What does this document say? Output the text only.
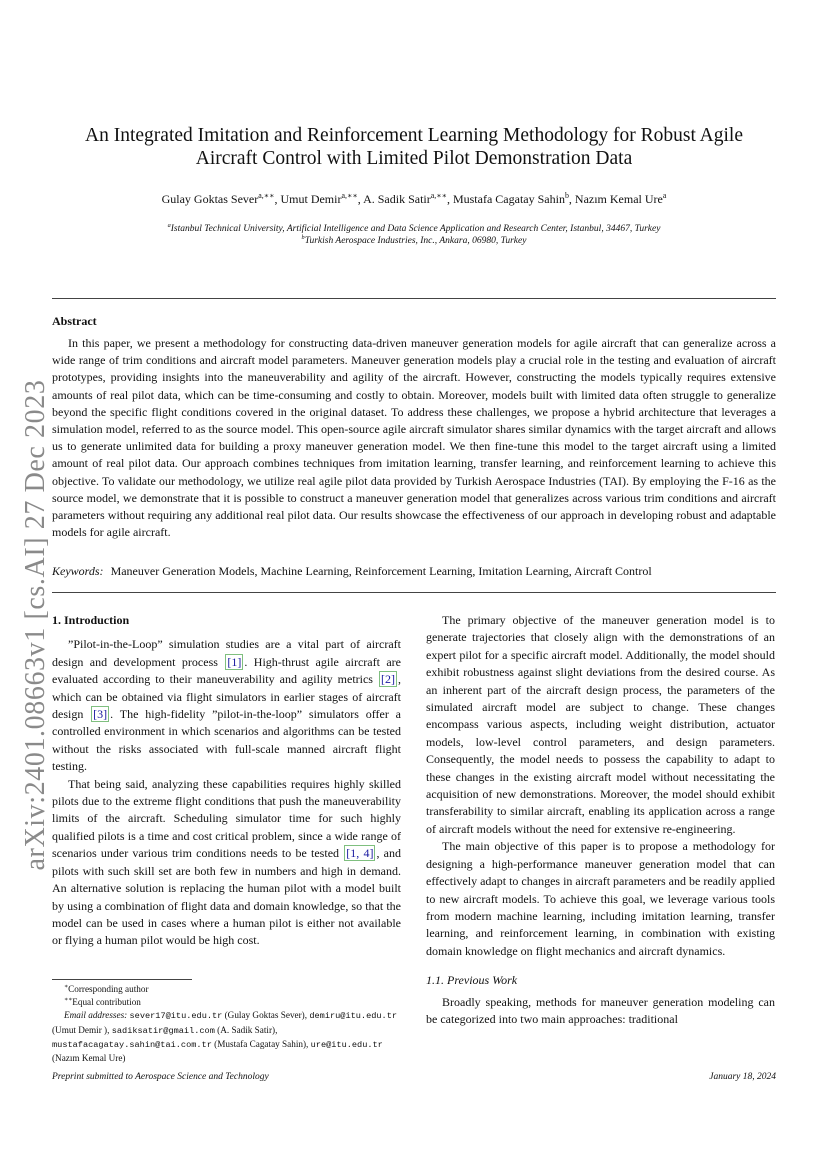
arXiv:2401.08663v1 [cs.AI] 27 Dec 2023
An Integrated Imitation and Reinforcement Learning Methodology for Robust Agile Aircraft Control with Limited Pilot Demonstration Data
Gulay Goktas Sever$^{a,∗∗}$, Umut Demir$^{a,∗∗}$, A. Sadik Satir$^{a,∗∗}$, Mustafa Cagatay Sahin$^b$, Nazım Kemal Ure$^a$
$^a$Istanbul Technical University, Artificial Intelligence and Data Science Application and Research Center, Istanbul, 34467, Turkey
$^b$Turkish Aerospace Industries, Inc., Ankara, 06980, Turkey
Abstract

In this paper, we present a methodology for constructing data-driven maneuver generation models for agile aircraft that can generalize across a wide range of trim conditions and aircraft model parameters. Maneuver generation models play a crucial role in the testing and evaluation of aircraft prototypes, providing insights into the maneuverability and agility of the aircraft. However, constructing the models typically requires extensive amounts of real pilot data, which can be time-consuming and costly to obtain. Moreover, models built with limited data often struggle to generalize beyond the specific flight conditions covered in the original dataset. To address these challenges, we propose a hybrid architecture that leverages a simulation model, referred to as the source model. This open-source agile aircraft simulator shares similar dynamics with the target aircraft and allows us to generate unlimited data for building a proxy maneuver generation model. We then fine-tune this model to the target aircraft using a limited amount of real pilot data. Our approach combines techniques from imitation learning, transfer learning, and reinforcement learning to achieve this objective. To validate our methodology, we utilize real agile pilot data provided by Turkish Aerospace Industries (TAI). By employing the F-16 as the source model, we demonstrate that it is possible to construct a maneuver generation model that generalizes across various trim conditions and aircraft parameters without requiring any additional real pilot data. Our results showcase the effectiveness of our approach in developing robust and adaptable models for agile aircraft.

Keywords: Maneuver Generation Models, Machine Learning, Reinforcement Learning, Imitation Learning, Aircraft Control
1. Introduction

”Pilot-in-the-Loop” simulation studies are a vital part of aircraft design and development process [1] . High-thrust agile aircraft are evaluated according to their maneuverability and agility metrics [2] , which can be obtained via flight simulators in earlier stages of aircraft design [3] . The high-fidelity ”pilot-in-the-loop” simulators offer a controlled environment in which scenarios and algorithms can be tested without the risks associated with full-scale manned aircraft flight testing.

That being said, analyzing these capabilities requires highly skilled pilots due to the extreme flight conditions that push the maneuverability limits of the aircraft. Scheduling simulator time for such highly qualified pilots is a time and cost critical problem, since a wide range of scenarios under various trim conditions needs to be tested [1, 4] , and pilots with such skill set are both few in numbers and high in demand. An alternative solution is replacing the human pilot with a model built by using a combination of flight data and domain knowledge, so that the model can be used in cases where a human pilot is either not available or flying a human pilot would be high cost.

∗Corresponding author
∗∗Equal contribution
Email addresses: sever17@itu.edu.tr (Gulay Goktas Sever), demiru@itu.edu.tr (Umut Demir ), sadiksatir@gmail.com (A. Sadik Satir), mustafacagatay.sahin@tai.com.tr (Mustafa Cagatay Sahin), ure@itu.edu.tr (Nazım Kemal Ure)

The primary objective of the maneuver generation model is to generate trajectories that closely align with the demonstrations of an expert pilot for a specific aircraft model. Additionally, the model should exhibit robustness against slight deviations from the desired course. As an inherent part of the aircraft design process, the parameters of the simulated aircraft model are subject to change. These changes encompass various aspects, including weight distribution, actuator models, low-level control parameters, and design parameters. Consequently, the model needs to possess the capability to adapt to these changes in the existing aircraft model without necessitating the acquisition of new demonstrations. Moreover, the model should exhibit transferability to similar aircraft, enabling its application across a range of aircraft models without the need for extensive re-engineering.

The main objective of this paper is to propose a methodology for designing a high-performance maneuver generation model that can effectively adapt to changes in aircraft parameters and be readily applied to new aircraft models. To achieve this goal, we leverage various tools from modern machine learning, including imitation learning, transfer learning, and reinforcement learning, in combination with existing domain knowledge on flight mechanics and aircraft dynamics.

1.1. Previous Work

Broadly speaking, methods for maneuver generation modeling can be categorized into two main approaches: traditional

Preprint submitted to Aerospace Science and Technology	January 18, 2024
